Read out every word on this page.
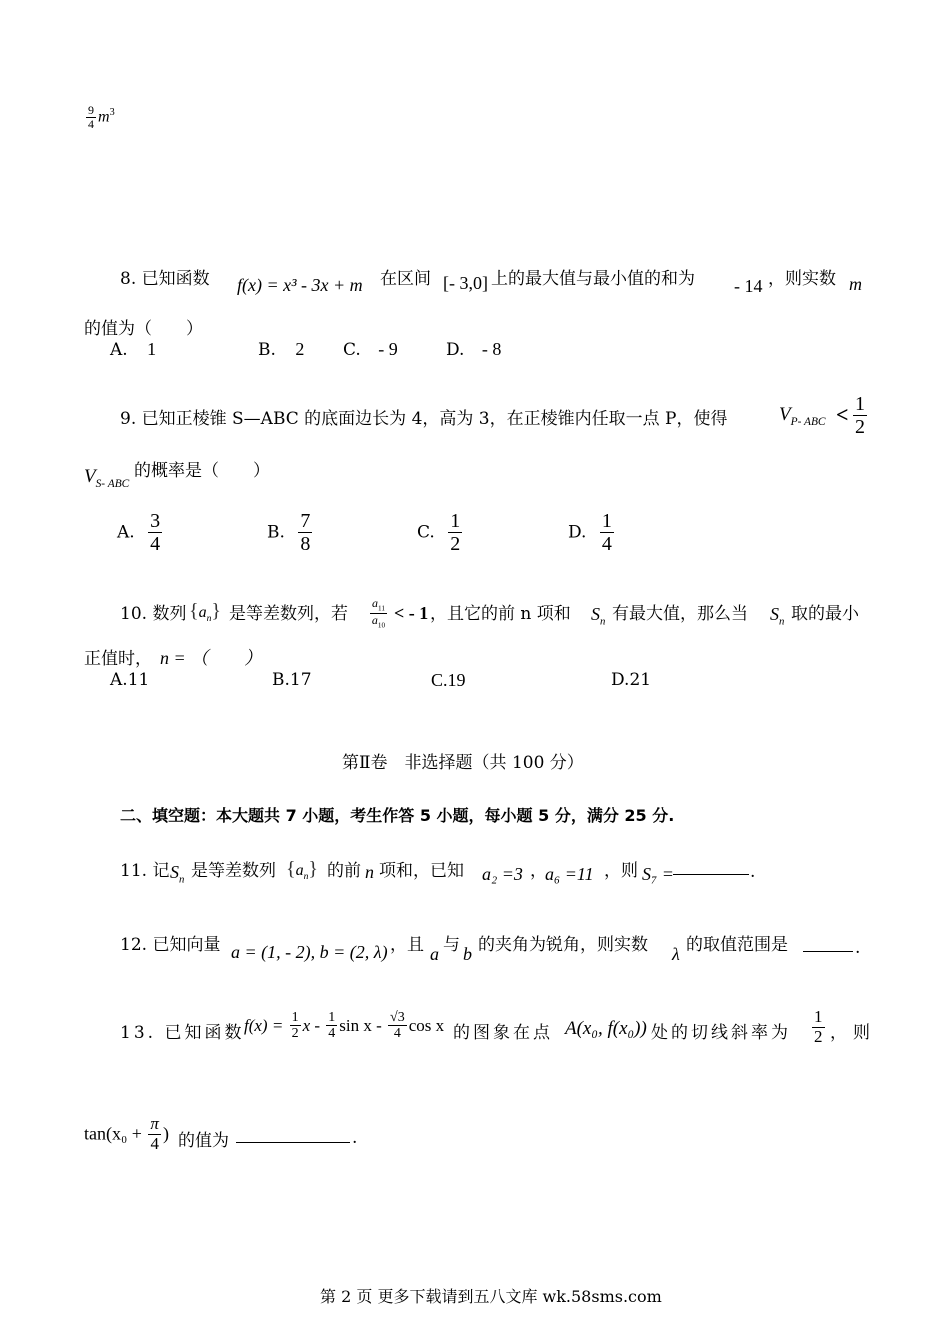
$\frac{9}{4} m^3$
8. 已知函数 f(x) = x³ - 3x + m 在区间 [- 3,0] 上的最大值与最小值的和为 - 14 ，则实数 m
的值为（　　）
A. 1	B. 2 C. - 9	D. - 8
9. 已知正棱锥 S—ABC 的底面边长为 4，高为 3，在正棱锥内任取一点 P，使得	$V_{P- ABC} < \frac{1}{2}$
$V_{S- ABC}$
的概率是（　　）
A. $\frac{3}{4}$	B. $\frac{7}{8}$	C. $\frac{1}{2}$	D. $\frac{1}{4}$
10. 数列 $\{a_n\}$ 是等差数列，若 $\frac{a_{11}}{a_{10}}$ < - 1 ，且它的前 n 项和 $S_n$ 有最大值，那么当 $S_n$ 取的最小
正值时， n = （　　）
A.11	B.17	C.19	D.21
第Ⅱ卷　非选择题（共 100 分）
二、填空题：本大题共 7 小题，考生作答 5 小题，每小题 5 分，满分 25 分.
11. 记 $S_n$ 是等差数列 $\{a_n\}$ 的前 n 项和，已知 a₂ =3 ，
a₆ =11 ，则 S₇ =	.
12. 已知向量 a = (1, - 2), b = (2, λ) ，且 a 与 b 的夹角为锐角，则实数 λ 的取值范围是	.
13. 已知函数 $f(x) = \frac{1}{2}$ x - $\frac{1}{4}$ sin x - $\frac{√3}{4}$ cos x 的图象在点 A(x₀, f(x₀)) 处的切线斜率为 $\frac{1}{2}$ ，则
$\tan(x_0 + \frac{\pi}{4}$ ) 的值为	.
第 2 页 更多下载请到五八文库 wk.58sms.com
